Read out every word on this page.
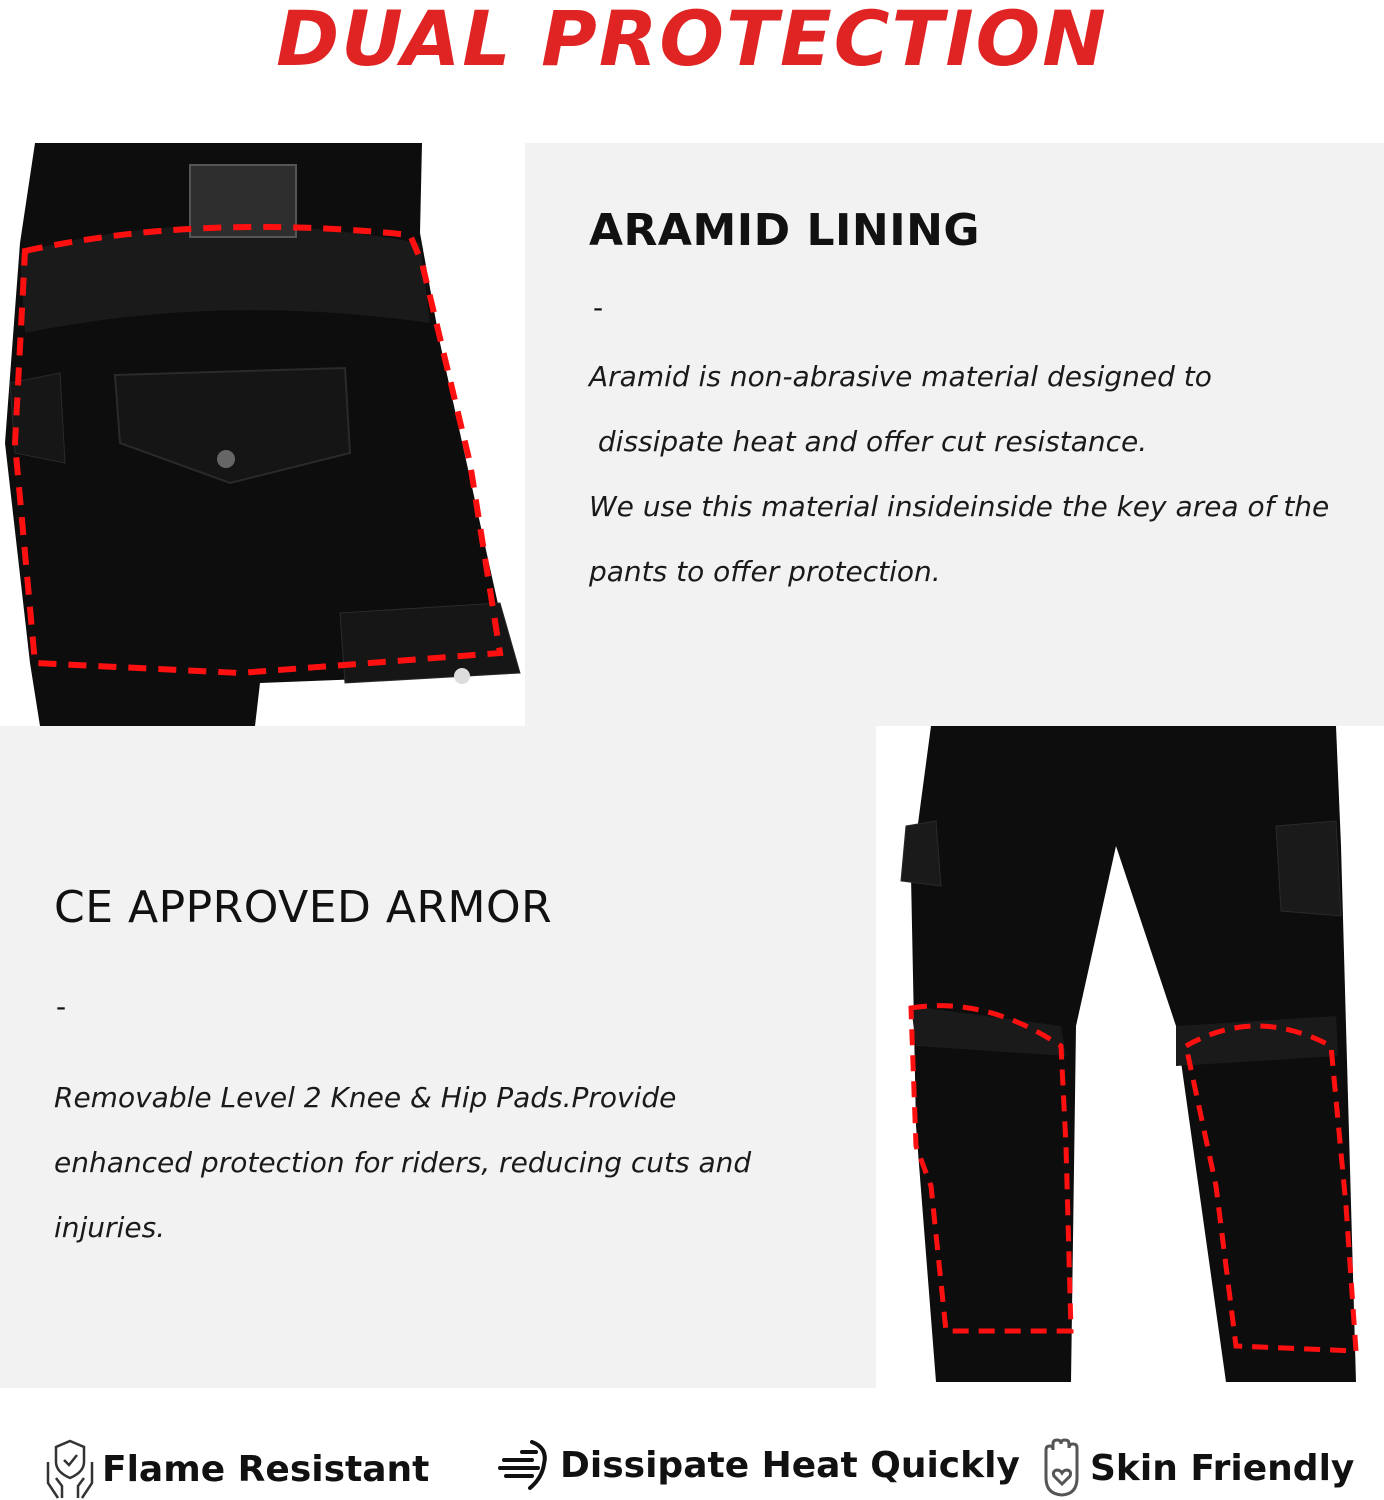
DUAL PROTECTION
ARAMID LINING
-
Aramid is non-abrasive material designed to
dissipate heat and offer cut resistance.
We use this material insideinside the key area of the
pants to offer protection.
CE APPROVED ARMOR
-
Removable Level 2 Knee & Hip Pads.Provide
enhanced protection for riders, reducing cuts and
injuries.
Flame Resistant	Dissipate Heat Quickly Skin Friendly
